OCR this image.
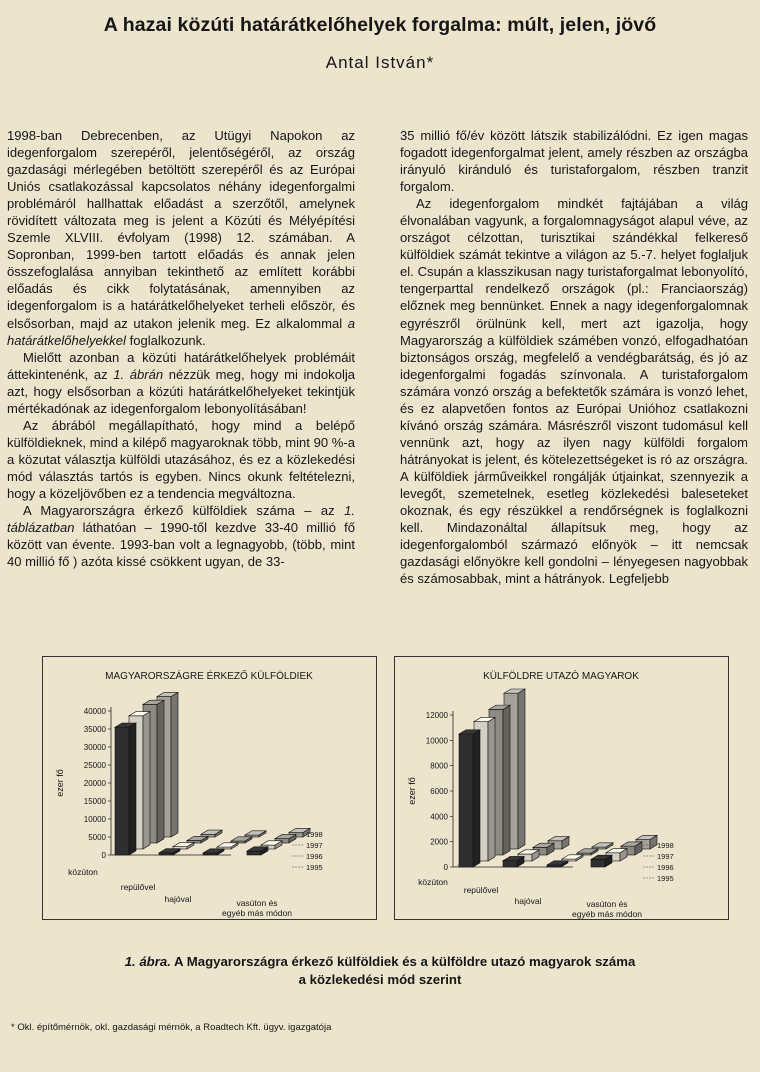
A hazai közúti határátkelőhelyek forgalma: múlt, jelen, jövő
Antal István*

1998-ban Debrecenben, az Utügyi Napokon az idegenforgalom szerepéről, jelentőségéről, az ország gazdasági mérlegében betöltött szerepéről és az Európai Uniós csatlakozással kapcsolatos néhány idegenforgalmi problémáról hallhattak előadást a szerzőtől, amelynek rövidített változata meg is jelent a Közúti és Mélyépítési Szemle XLVIII. évfolyam (1998) 12. számában. A Sopronban, 1999-ben tartott előadás és annak jelen összefoglalása annyiban tekinthető az említett korábbi előadás és cikk folytatásának, amennyiben az idegenforgalom is a határátkelőhelyeket terheli először, és elsősorban, majd az utakon jelenik meg. Ez alkalommal a határátkelőhelyekkel foglalkozunk.

Mielőtt azonban a közúti határátkelőhelyek problémáit áttekintenénk, az 1. ábrán nézzük meg, hogy mi indokolja azt, hogy elsősorban a közúti határátkelőhelyeket tekintjük mértékadónak az idegenforgalom lebonyolításában!

Az ábrából megállapítható, hogy mind a belépő külföldieknek, mind a kilépő magyaroknak több, mint 90 %-a a közutat választja külföldi utazásához, és ez a közlekedési mód választás tartós is egyben. Nincs okunk feltételezni, hogy a közeljövőben ez a tendencia megváltozna.

A Magyarországra érkező külföldiek száma – az 1. táblázatban láthatóan – 1990-től kezdve 33-40 millió fő között van évente. 1993-ban volt a legnagyobb, (több, mint 40 millió fő ) azóta kissé csökkent ugyan, de 33-

35 millió fő/év között látszik stabilizálódni. Ez igen magas fogadott idegenforgalmat jelent, amely részben az országba irányuló kiránduló és turistaforgalom, részben tranzit forgalom.

Az idegenforgalom mindkét fajtájában a világ élvonalában vagyunk, a forgalomnagyságot alapul véve, az országot célzottan, turisztikai szándékkal felkereső külföldiek számát tekintve a világon az 5.-7. helyet foglaljuk el. Csupán a klasszikusan nagy turistaforgalmat lebonyolító, tengerparttal rendelkező országok (pl.: Franciaország) előznek meg bennünket. Ennek a nagy idegenforgalomnak egyrészről örülnünk kell, mert azt igazolja, hogy Magyarország a külföldiek számében vonzó, elfogadhatóan biztonságos ország, megfelelő a vendégbarátság, és jó az idegenforgalmi fogadás színvonala. A turistaforgalom számára vonzó ország a befektetők számára is vonzó lehet, és ez alapvetően fontos az Európai Unióhoz csatlakozni kívánó ország számára. Másrészről viszont tudomásul kell vennünk azt, hogy az ilyen nagy külföldi forgalom hátrányokat is jelent, és kötelezettségeket is ró az országra. A külföldiek járműveikkel rongálják útjainkat, szennyezik a levegőt, szemetelnek, esetleg közlekedési baleseteket okoznak, és egy részükkel a rendőrségnek is foglalkozni kell. Mindazonáltal állapítsuk meg, hogy az idegenforgalomból származó előnyök – itt nemcsak gazdasági előnyökre kell gondolni – lényegesen nagyobbak és számosabbak, mint a hátrányok. Legfeljebb

MAGYARORSZÁGRE ÉRKEZŐ KÜLFÖLDIEK
0
5000
10000
15000
20000
25000
30000
35000
40000
ezer fő
1995
1996
1997
1998
közúton
repülővel
hajóval	vasúton és
egyéb más módon
KÜLFÖLDRE UTAZÓ MAGYAROK
0
2000
4000
6000
8000
10000
12000
ezer fő
1995
1996
1997
1998
közúton
repülővel
hajóval	vasúton és
egyéb más módon
1. ábra. A Magyarországra érkező külföldiek és a külföldre utazó magyarok száma
a közlekedési mód szerint
* Okl. építőmérnök, okl. gazdasági mérnök, a Roadtech Kft. ügyv. igazgatója
